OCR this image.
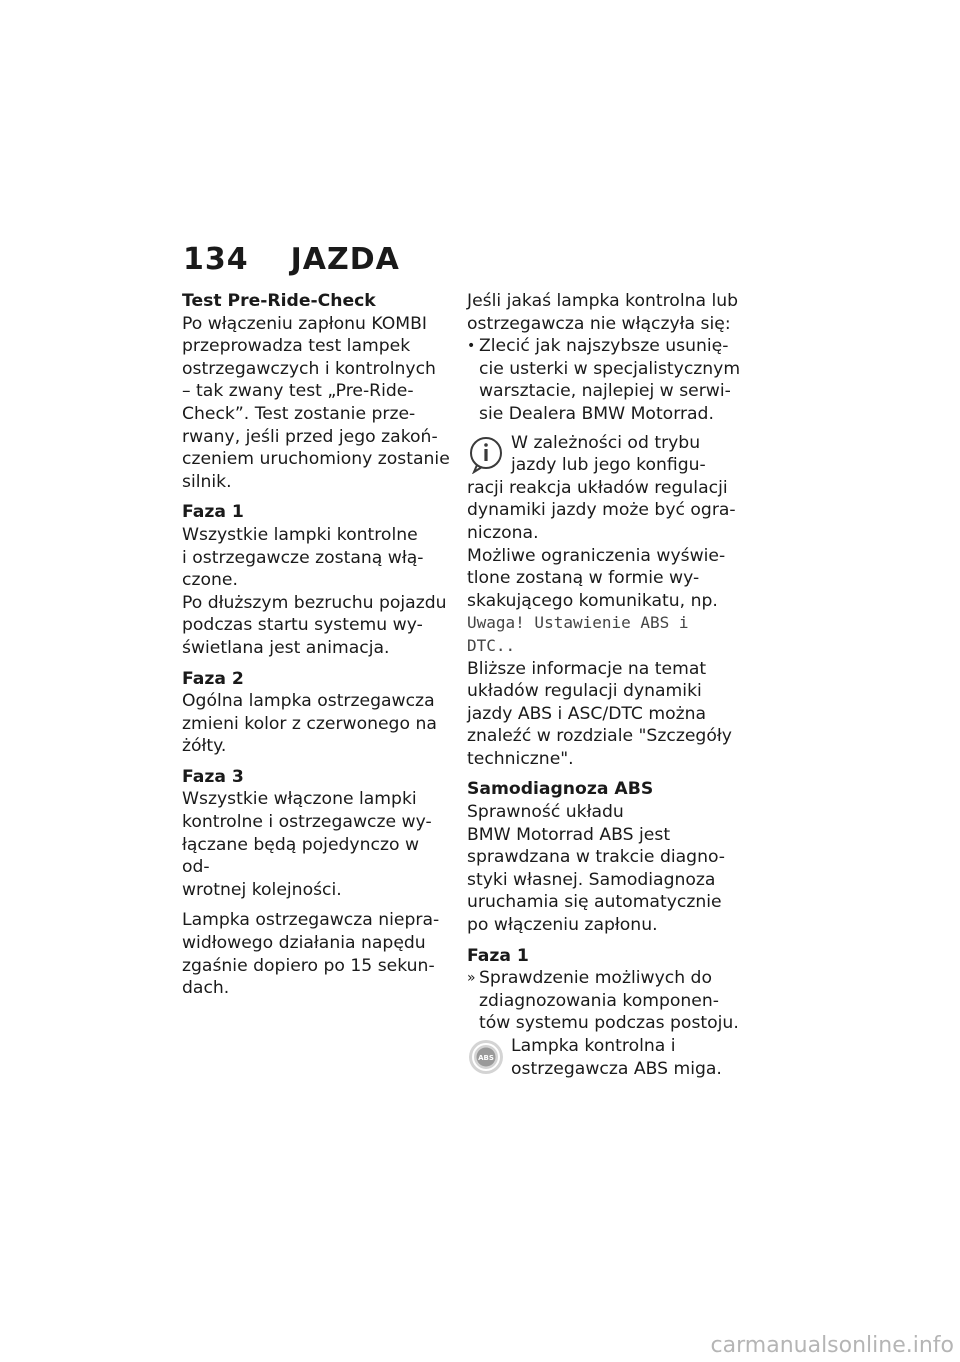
134 JAZDA
Test Pre-Ride-Check

Po włączeniu zapłonu KOMBI

przeprowadza test lampek

ostrzegawczych i kontrolnych

– tak zwany test „Pre-Ride-

Check”. Test zostanie prze-

rwany, jeśli przed jego zakoń-

czeniem uruchomiony zostanie

silnik.

Faza 1

Wszystkie lampki kontrolne

i ostrzegawcze zostaną włą-

czone.

Po dłuższym bezruchu pojazdu

podczas startu systemu wy-

świetlana jest animacja.

Faza 2

Ogólna lampka ostrzegawcza

zmieni kolor z czerwonego na

żółty.

Faza 3

Wszystkie włączone lampki

kontrolne i ostrzegawcze wy-

łączane będą pojedynczo w od-

wrotnej kolejności.

Lampka ostrzegawcza niepra-

widłowego działania napędu

zgaśnie dopiero po 15 sekun-

dach.

Jeśli jakaś lampka kontrolna lub

ostrzegawcza nie włączyła się:

• Zlecić jak najszybsze usunię-

cie usterki w specjalistycznym

warsztacie, najlepiej w serwi-

sie Dealera BMW Motorrad.

W zależności od trybu

jazdy lub jego konfigu-

racji reakcja układów regulacji

dynamiki jazdy może być ogra-

niczona.

Możliwe ograniczenia wyświe-

tlone zostaną w formie wy-

skakującego komunikatu, np.

Uwaga! Ustawienie ABS i

DTC..

Bliższe informacje na temat

układów regulacji dynamiki

jazdy ABS i ASC/DTC można

znaleźć w rozdziale "Szczegóły

techniczne".

Samodiagnoza ABS

Sprawność układu

BMW Motorrad ABS jest

sprawdzana w trakcie diagno-

styki własnej. Samodiagnoza

uruchamia się automatycznie

po włączeniu zapłonu.

Faza 1
» Sprawdzenie możliwych do

zdiagnozowania komponen-

tów systemu podczas postoju.

ABS

Lampka kontrolna i

ostrzegawcza ABS miga.

carmanualsonline.info
